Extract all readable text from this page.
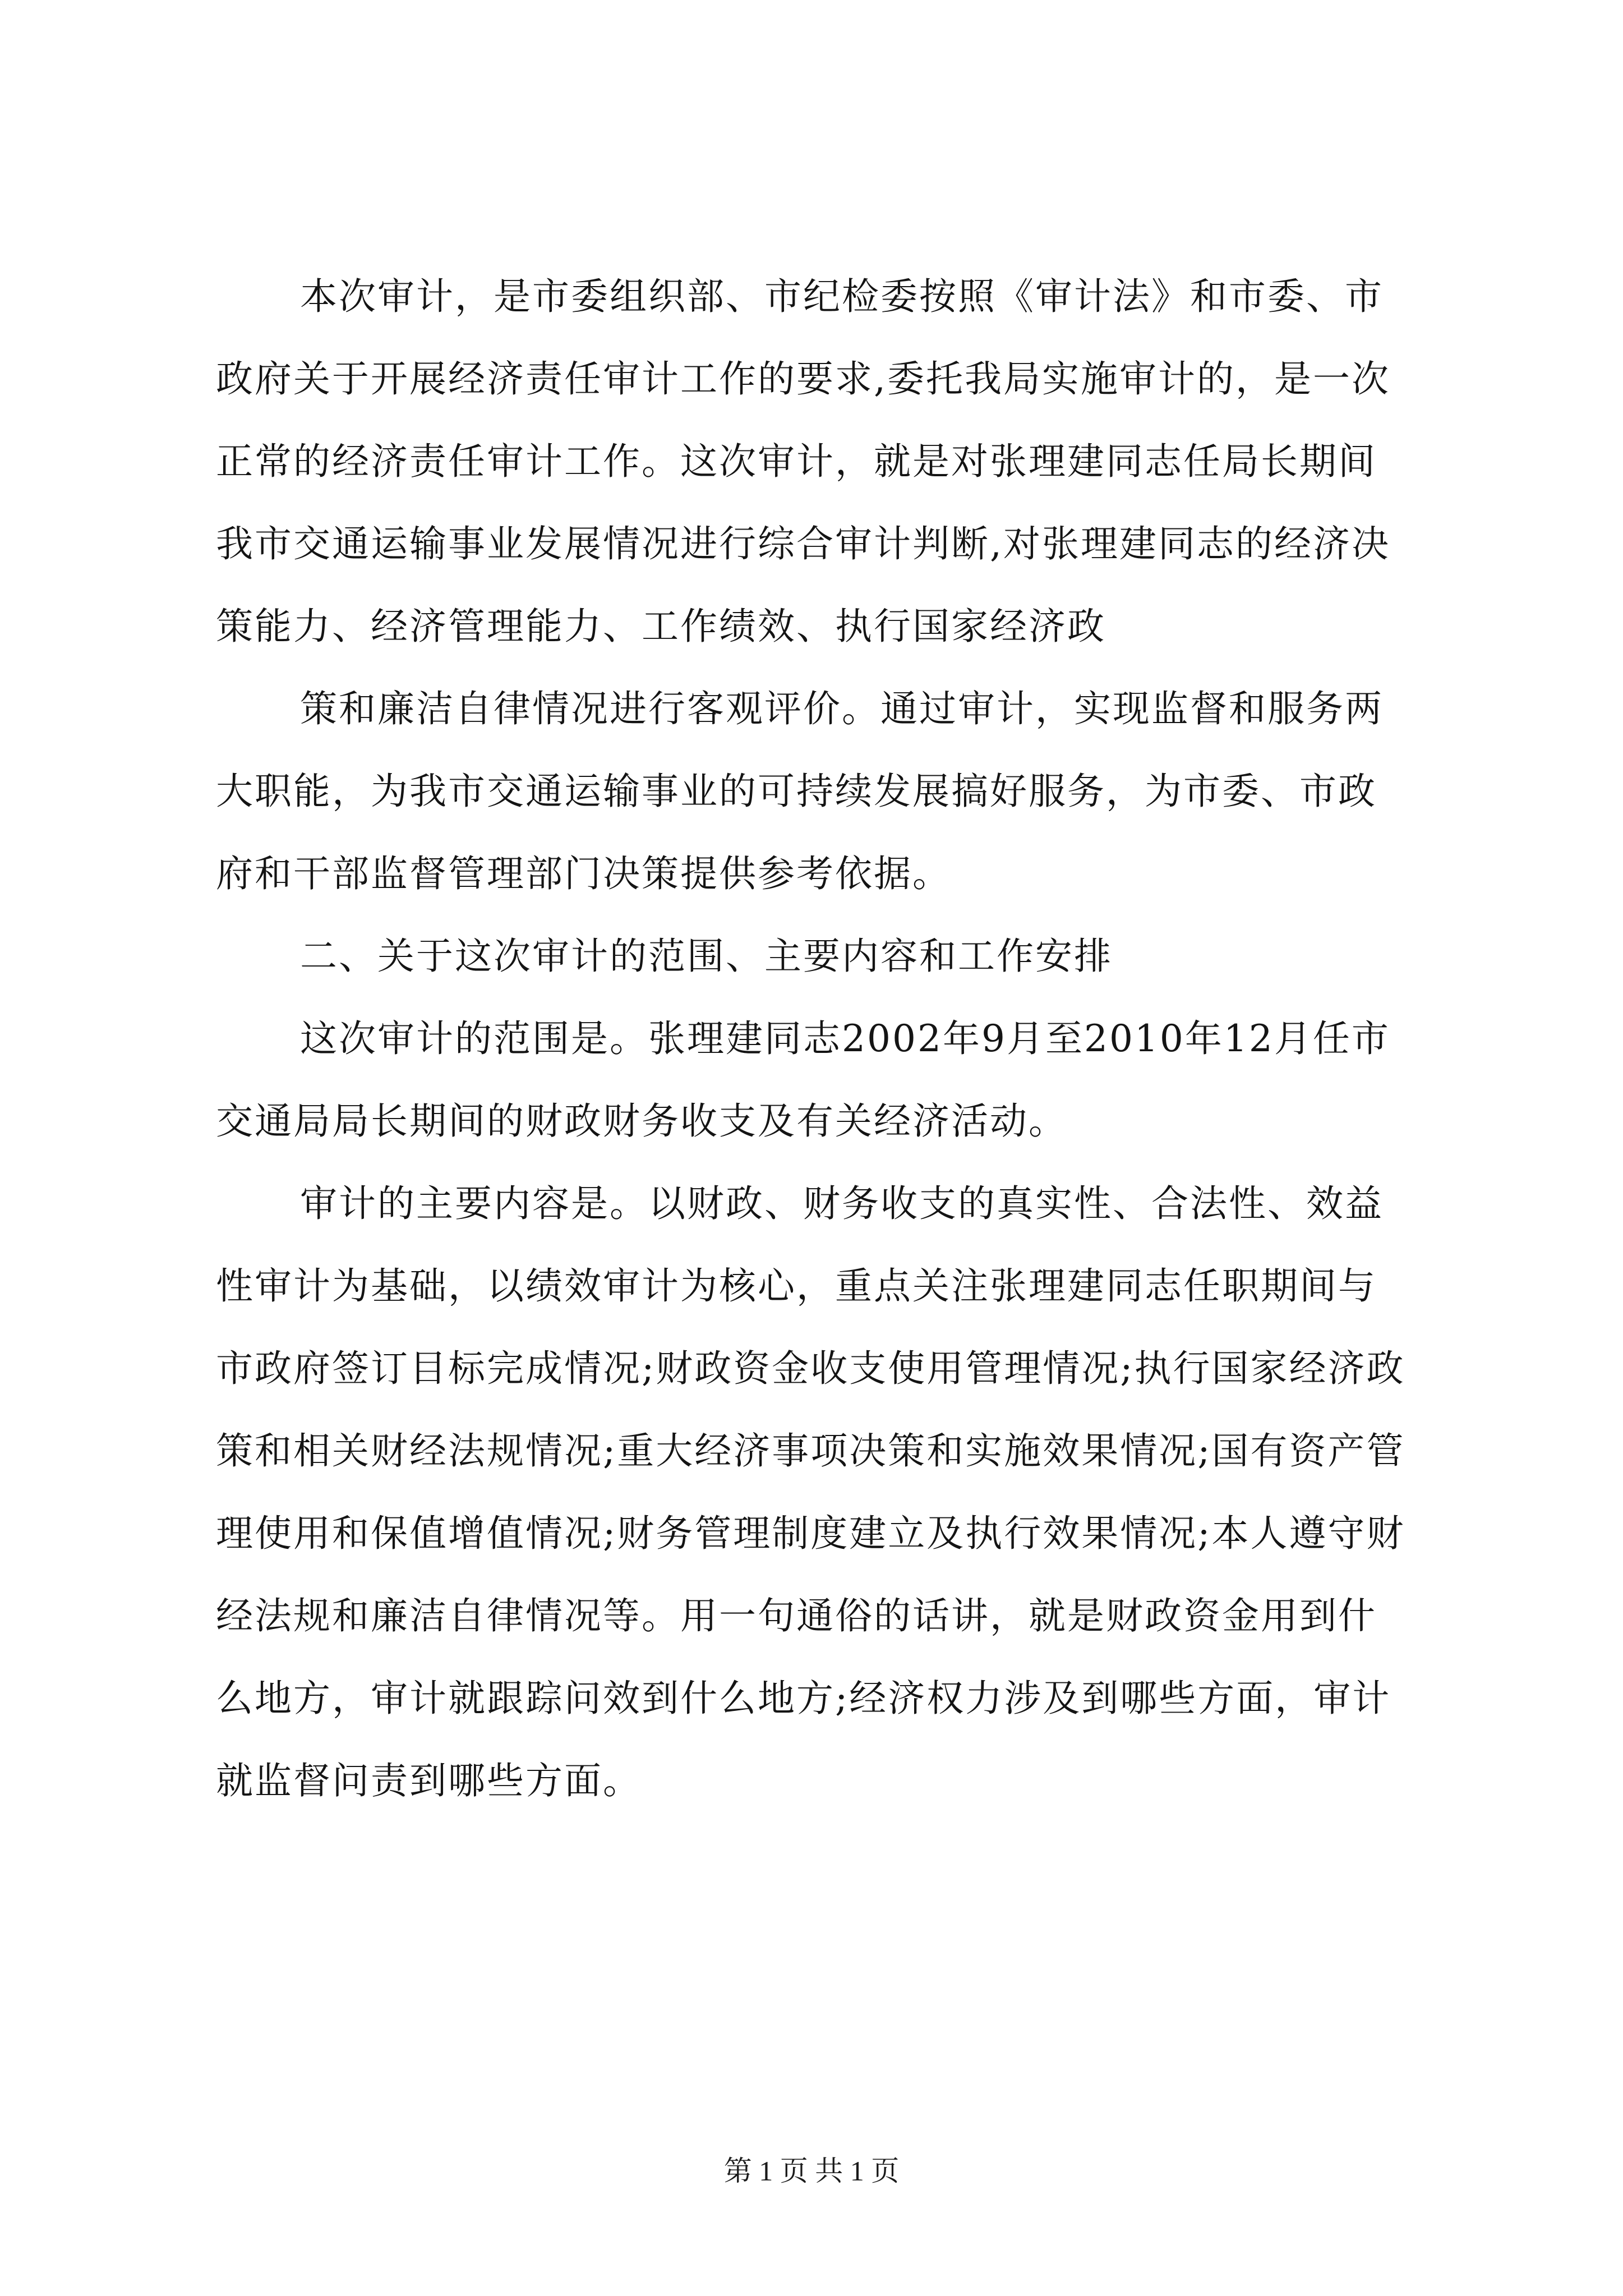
本次审计，是市委组织部、市纪检委按照《审计法》和市委、市政府关于开展经济责任审计工作的要求,委托我局实施审计的，是一次正常的经济责任审计工作。这次审计，就是对张理建同志任局长期间我市交通运输事业发展情况进行综合审计判断,对张理建同志的经济决策能力、经济管理能力、工作绩效、执行国家经济政

策和廉洁自律情况进行客观评价。通过审计，实现监督和服务两大职能，为我市交通运输事业的可持续发展搞好服务，为市委、市政府和干部监督管理部门决策提供参考依据。

二、关于这次审计的范围、主要内容和工作安排

这次审计的范围是。张理建同志2002年9月至2010年12月任市交通局局长期间的财政财务收支及有关经济活动。

审计的主要内容是。以财政、财务收支的真实性、合法性、效益性审计为基础，以绩效审计为核心，重点关注张理建同志任职期间与市政府签订目标完成情况;财政资金收支使用管理情况;执行国家经济政策和相关财经法规情况;重大经济事项决策和实施效果情况;国有资产管理使用和保值增值情况;财务管理制度建立及执行效果情况;本人遵守财经法规和廉洁自律情况等。用一句通俗的话讲，就是财政资金用到什么地方，审计就跟踪问效到什么地方;经济权力涉及到哪些方面，审计就监督问责到哪些方面。

第 1 页 共 1 页
